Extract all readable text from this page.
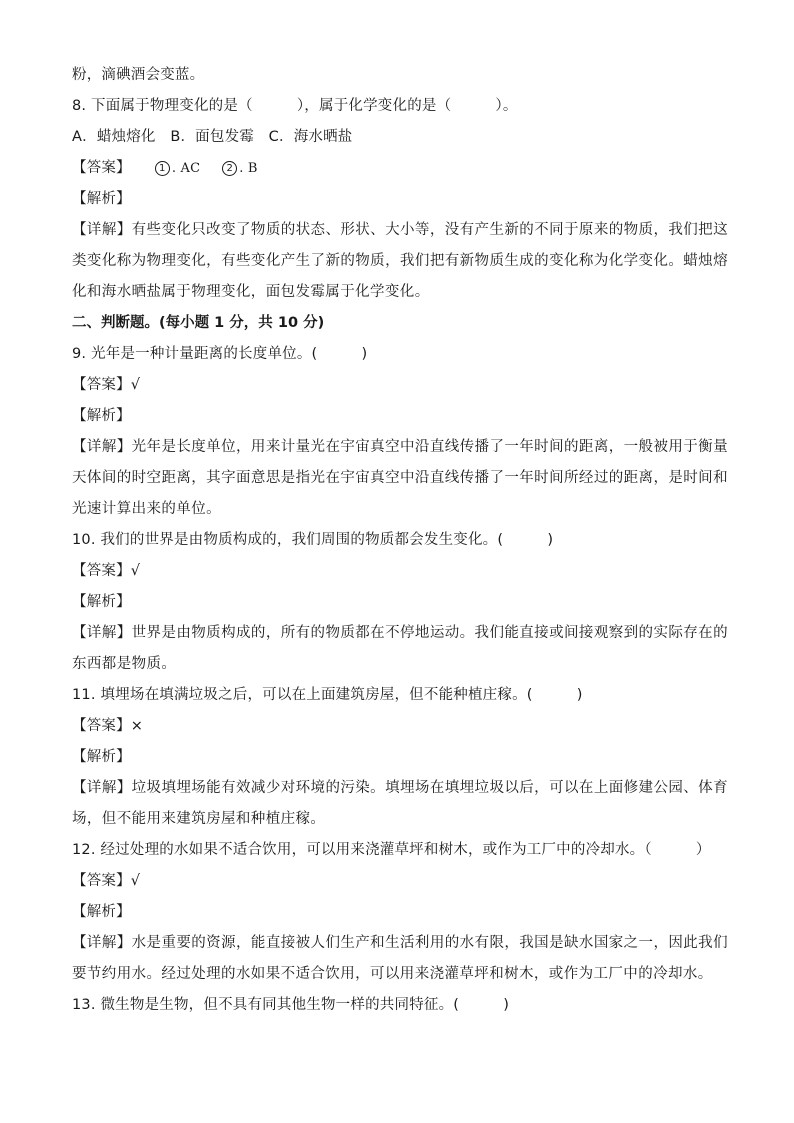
粉，滴碘酒会变蓝。
8. 下面属于物理变化的是（　　　），属于化学变化的是（　　　）。
A．蜡烛熔化　B．面包发霉　C．海水晒盐
【答案】	1 . AC	2 . B
【解析】
【详解】有些变化只改变了物质的状态、形状、大小等，没有产生新的不同于原来的物质，我们把这类变化称为物理变化，有些变化产生了新的物质，我们把有新物质生成的变化称为化学变化。蜡烛熔化和海水晒盐属于物理变化，面包发霉属于化学变化。
二、判断题。(每小题 1 分，共 10 分)
9. 光年是一种计量距离的长度单位。(　　　)
【答案】√
【解析】
【详解】光年是长度单位，用来计量光在宇宙真空中沿直线传播了一年时间的距离，一般被用于衡量天体间的时空距离，其字面意思是指光在宇宙真空中沿直线传播了一年时间所经过的距离，是时间和光速计算出来的单位。
10. 我们的世界是由物质构成的，我们周围的物质都会发生变化。(　　　)
【答案】√
【解析】
【详解】世界是由物质构成的，所有的物质都在不停地运动。我们能直接或间接观察到的实际存在的东西都是物质。
11. 填埋场在填满垃圾之后，可以在上面建筑房屋，但不能种植庄稼。(　　　)
【答案】×
【解析】
【详解】垃圾填埋场能有效减少对环境的污染。填埋场在填埋垃圾以后，可以在上面修建公园、体育场，但不能用来建筑房屋和种植庄稼。
12. 经过处理的水如果不适合饮用，可以用来浇灌草坪和树木，或作为工厂中的冷却水。（　　　）
【答案】√
【解析】
【详解】水是重要的资源，能直接被人们生产和生活利用的水有限，我国是缺水国家之一，因此我们要节约用水。经过处理的水如果不适合饮用，可以用来浇灌草坪和树木，或作为工厂中的冷却水。
13. 微生物是生物，但不具有同其他生物一样的共同特征。(　　　)
